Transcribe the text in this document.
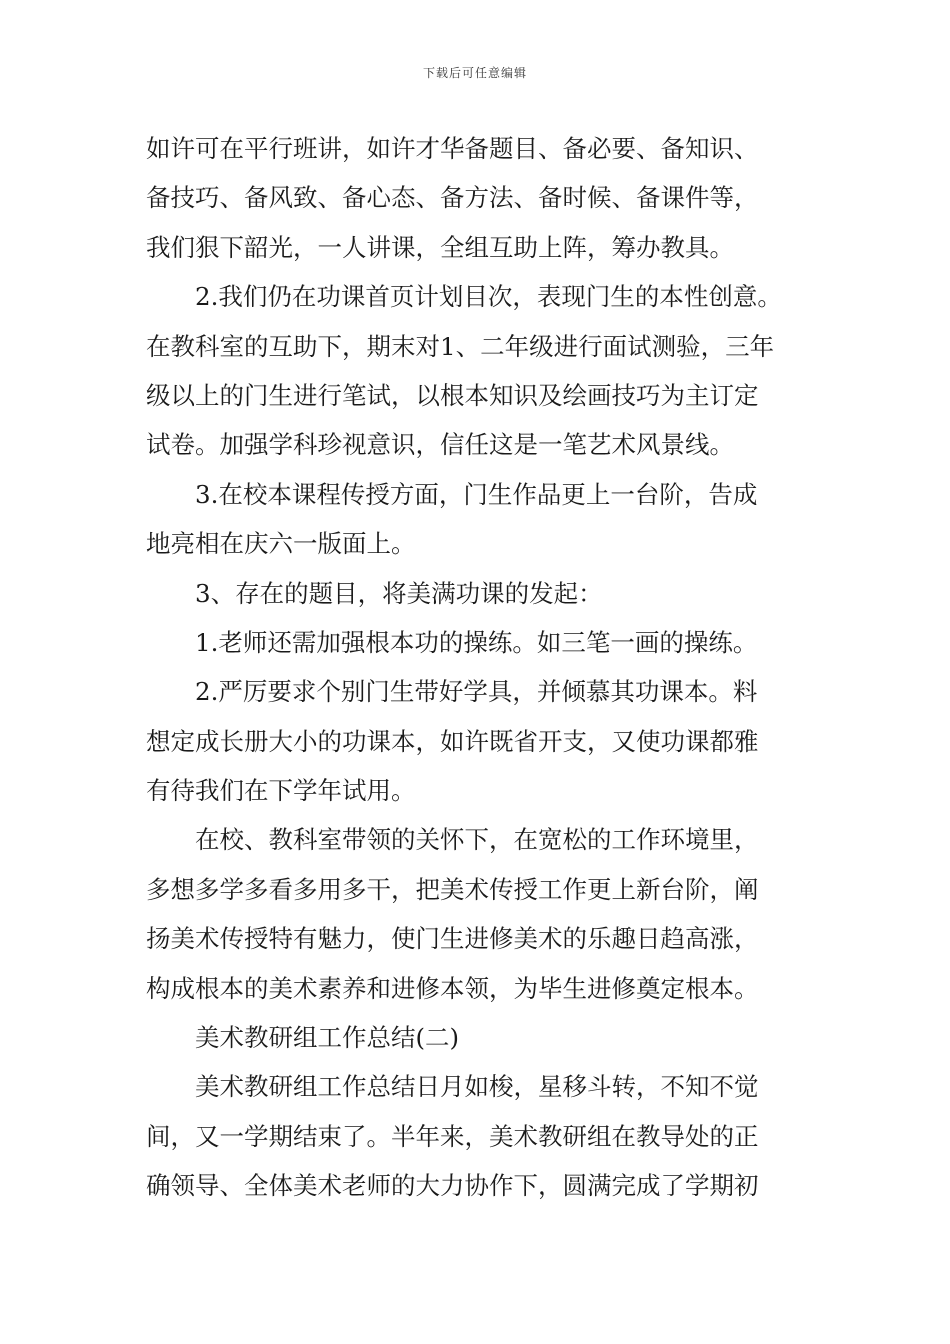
下载后可任意编辑
如许可在平行班讲，如许才华备题目、备必要、备知识、
备技巧、备风致、备心态、备方法、备时候、备课件等，
我们狠下韶光，一人讲课，全组互助上阵，筹办教具。
2.我们仍在功课首页计划目次，表现门生的本性创意。
在教科室的互助下，期末对1、二年级进行面试测验，三年
级以上的门生进行笔试，以根本知识及绘画技巧为主订定
试卷。加强学科珍视意识，信任这是一笔艺术风景线。
3.在校本课程传授方面，门生作品更上一台阶，告成
地亮相在庆六一版面上。
3、存在的题目，将美满功课的发起：
1.老师还需加强根本功的操练。如三笔一画的操练。
2.严厉要求个别门生带好学具，并倾慕其功课本。料
想定成长册大小的功课本，如许既省开支，又使功课都雅
有待我们在下学年试用。
在校、教科室带领的关怀下，在宽松的工作环境里，
多想多学多看多用多干，把美术传授工作更上新台阶，阐
扬美术传授特有魅力，使门生进修美术的乐趣日趋高涨，
构成根本的美术素养和进修本领，为毕生进修奠定根本。
美术教研组工作总结(二)
美术教研组工作总结日月如梭，星移斗转，不知不觉
间，又一学期结束了。半年来，美术教研组在教导处的正
确领导、全体美术老师的大力协作下，圆满完成了学期初
